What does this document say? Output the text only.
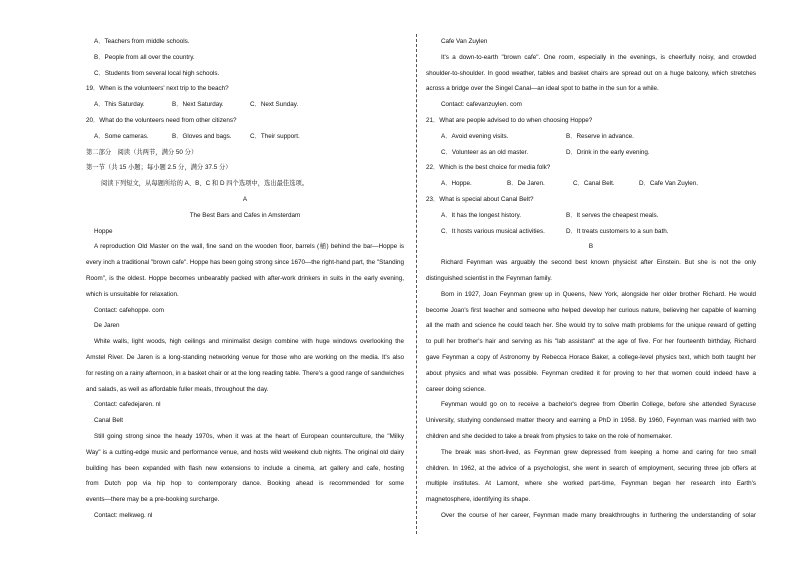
A．Teachers from middle schools.
B．People from all over the country.
C．Students from several local high schools.
19．When is the volunteers' next trip to the beach?
A．This Saturday.	B．Next Saturday.	C．Next Sunday.
20．What do the volunteers need from other citizens?
A．Some cameras.	B．Gloves and bags.	C．Their support.
第二部分　阅读（共两节，满分 50 分）
第一节（共 15 小题；每小题 2.5 分，满分 37.5 分）
阅读下列短文，从每题所给的 A、B、C 和 D 四个选项中，选出最佳选项。
A
The Best Bars and Cafes in Amsterdam
Hoppe
A reproduction Old Master on the wall, fine sand on the wooden floor, barrels (桶) behind the bar—Hoppe is
every inch a traditional "brown cafe". Hoppe has been going strong since 1670—the right-hand part, the "Standing
Room", is the oldest. Hoppe becomes unbearably packed with after-work drinkers in suits in the early evening,
which is unsuitable for relaxation.
Contact: cafehoppe. com
De Jaren
White walls, light woods, high ceilings and minimalist design combine with huge windows overlooking the
Amstel River. De Jaren is a long-standing networking venue for those who are working on the media. It's also
for resting on a rainy afternoon, in a basket chair or at the long reading table. There's a good range of sandwiches
and salads, as well as affordable fuller meals, throughout the day.
Contact: cafedejaren. nl
Canal Belt
Still going strong since the heady 1970s, when it was at the heart of European counterculture, the "Milky
Way" is a cutting-edge music and performance venue, and hosts wild weekend club nights. The original old dairy
building has been expanded with flash new extensions to include a cinema, art gallery and cafe, hosting
from Dutch pop via hip hop to contemporary dance. Booking ahead is recommended for some
events—there may be a pre-booking surcharge.
Contact: melkweg. nl
Cafe Van Zuylen
It's a down-to-earth "brown cafe". One room, especially in the evenings, is cheerfully noisy, and crowded
shoulder-to-shoulder. In good weather, tables and basket chairs are spread out on a huge balcony, which stretches
across a bridge over the Singel Canal—an ideal spot to bathe in the sun for a while.
Contact: cafevanzuylen. com
21．What are people advised to do when choosing Hoppe?
A．Avoid evening visits.	B．Reserve in advance.
C．Volunteer as an old master.	D．Drink in the early evening.
22．Which is the best choice for media folk?
A．Hoppe.	B．De Jaren.	C．Canal Belt.	D．Cafe Van Zuylen.
23．What is special about Canal Belt?
A．It has the longest history.	B．It serves the cheapest meals.
C．It hosts various musical activities.	D．It treats customers to a sun bath.
B
Richard Feynman was arguably the second best known physicist after Einstein. But she is not the only
distinguished scientist in the Feynman family.
Born in 1927, Joan Feynman grew up in Queens, New York, alongside her older brother Richard. He would
become Joan's first teacher and someone who helped develop her curious nature, believing her capable of learning
all the math and science he could teach her. She would try to solve math problems for the unique reward of getting
to pull her brother's hair and serving as his "lab assistant" at the age of five. For her fourteenth birthday, Richard
gave Feynman a copy of Astronomy by Rebecca Horace Baker, a college-level physics text, which both taught her
about physics and what was possible. Feynman credited it for proving to her that women could indeed have a
career doing science.
Feynman would go on to receive a bachelor's degree from Oberlin College, before she attended Syracuse
University, studying condensed matter theory and earning a PhD in 1958. By 1960, Feynman was married with two
children and she decided to take a break from physics to take on the role of homemaker.
The break was short-lived, as Feynman grew depressed from keeping a home and caring for two small
children. In 1962, at the advice of a psychologist, she went in search of employment, securing three job offers at
multiple institutes. At Lamont, where she worked part-time, Feynman began her research into Earth's
magnetosphere, identifying its shape.
Over the course of her career, Feynman made many breakthroughs in furthering the understanding of solar
